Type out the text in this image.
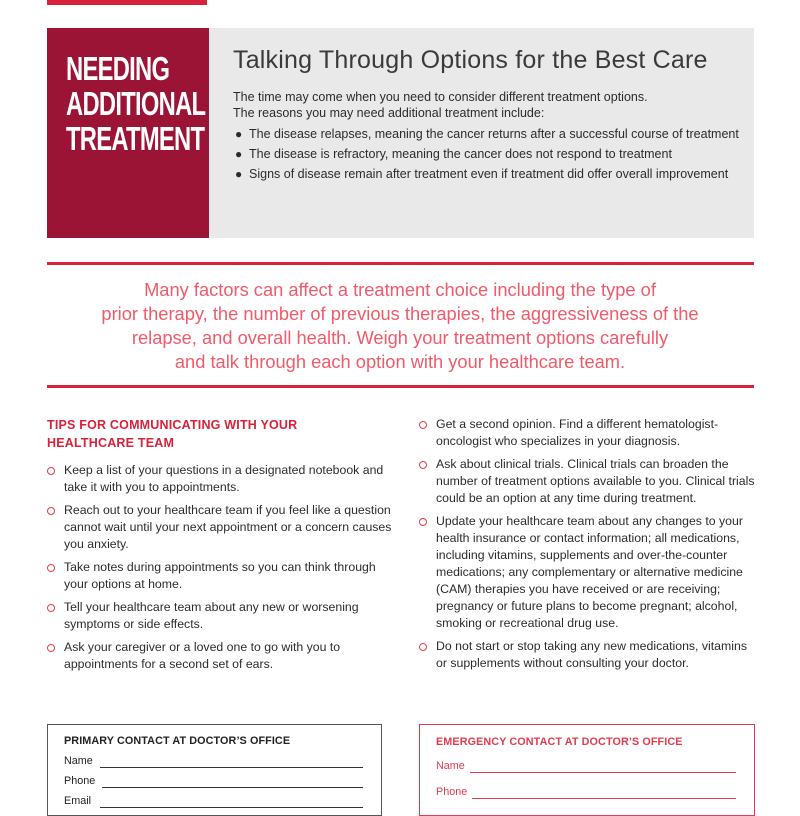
NEEDING
ADDITIONAL
TREATMENT
Talking Through Options for the Best Care

The time may come when you need to consider different treatment options.
The reasons you may need additional treatment include:

● The disease relapses, meaning the cancer returns after a successful course of treatment
● The disease is refractory, meaning the cancer does not respond to treatment
● Signs of disease remain after treatment even if treatment did offer overall improvement
Many factors can affect a treatment choice including the type of
prior therapy, the number of previous therapies, the aggressiveness of the
relapse, and overall health. Weigh your treatment options carefully
and talk through each option with your healthcare team.
TIPS FOR COMMUNICATING WITH YOUR
HEALTHCARE TEAM
Keep a list of your questions in a designated notebook and take it with you to appointments.
Reach out to your healthcare team if you feel like a question cannot wait until your next appointment or a concern causes you anxiety.
Take notes during appointments so you can think through your options at home.
Tell your healthcare team about any new or worsening symptoms or side effects.
Ask your caregiver or a loved one to go with you to appointments for a second set of ears.
Get a second opinion. Find a different hematologist-oncologist who specializes in your diagnosis.
Ask about clinical trials. Clinical trials can broaden the number of treatment options available to you. Clinical trials could be an option at any time during treatment.
Update your healthcare team about any changes to your health insurance or contact information; all medications, including vitamins, supplements and over-the-counter medications; any complementary or alternative medicine (CAM) therapies you have received or are receiving; pregnancy or future plans to become pregnant; alcohol, smoking or recreational drug use.
Do not start or stop taking any new medications, vitamins or supplements without consulting your doctor.
PRIMARY CONTACT AT DOCTOR’S OFFICE
Name
Phone
Email
EMERGENCY CONTACT AT DOCTOR’S OFFICE
Name
Phone
